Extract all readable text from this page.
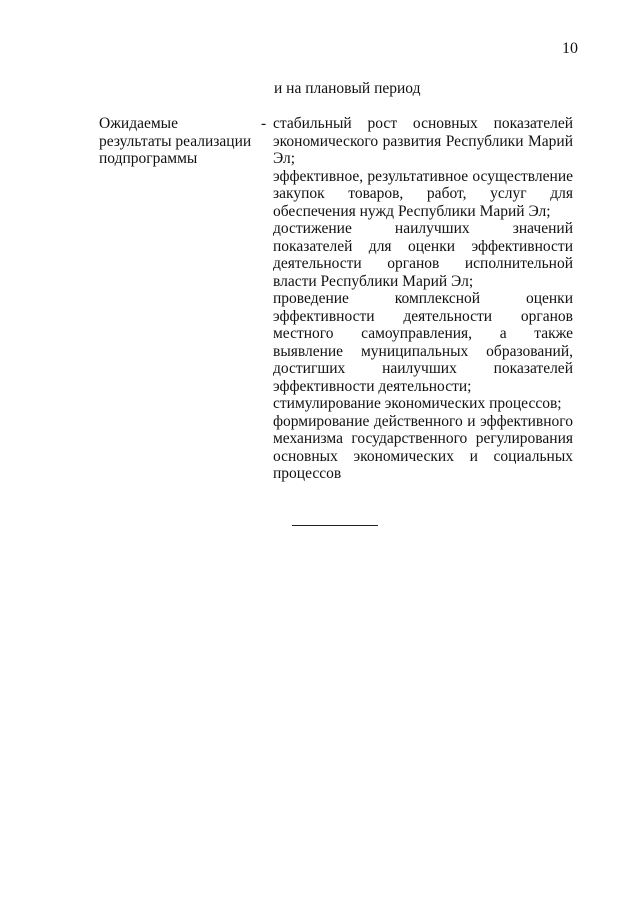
10
и на плановый период
Ожидаемые
результаты реализации
подпрограммы
- стабильный рост основных показателей экономического развития Республики Марий Эл;
эффективное, результативное осуществление закупок товаров, работ, услуг для обеспечения нужд Республики Марий Эл;
достижение наилучших значений показателей для оценки эффективности деятельности органов исполнительной власти Республики Марий Эл;
проведение комплексной оценки эффективности деятельности органов местного самоуправления, а также выявление муниципальных образований, достигших наилучших показателей эффективности деятельности;
стимулирование экономических процессов;
формирование действенного и эффективного механизма государственного регулирования основных экономических и социальных процессов
